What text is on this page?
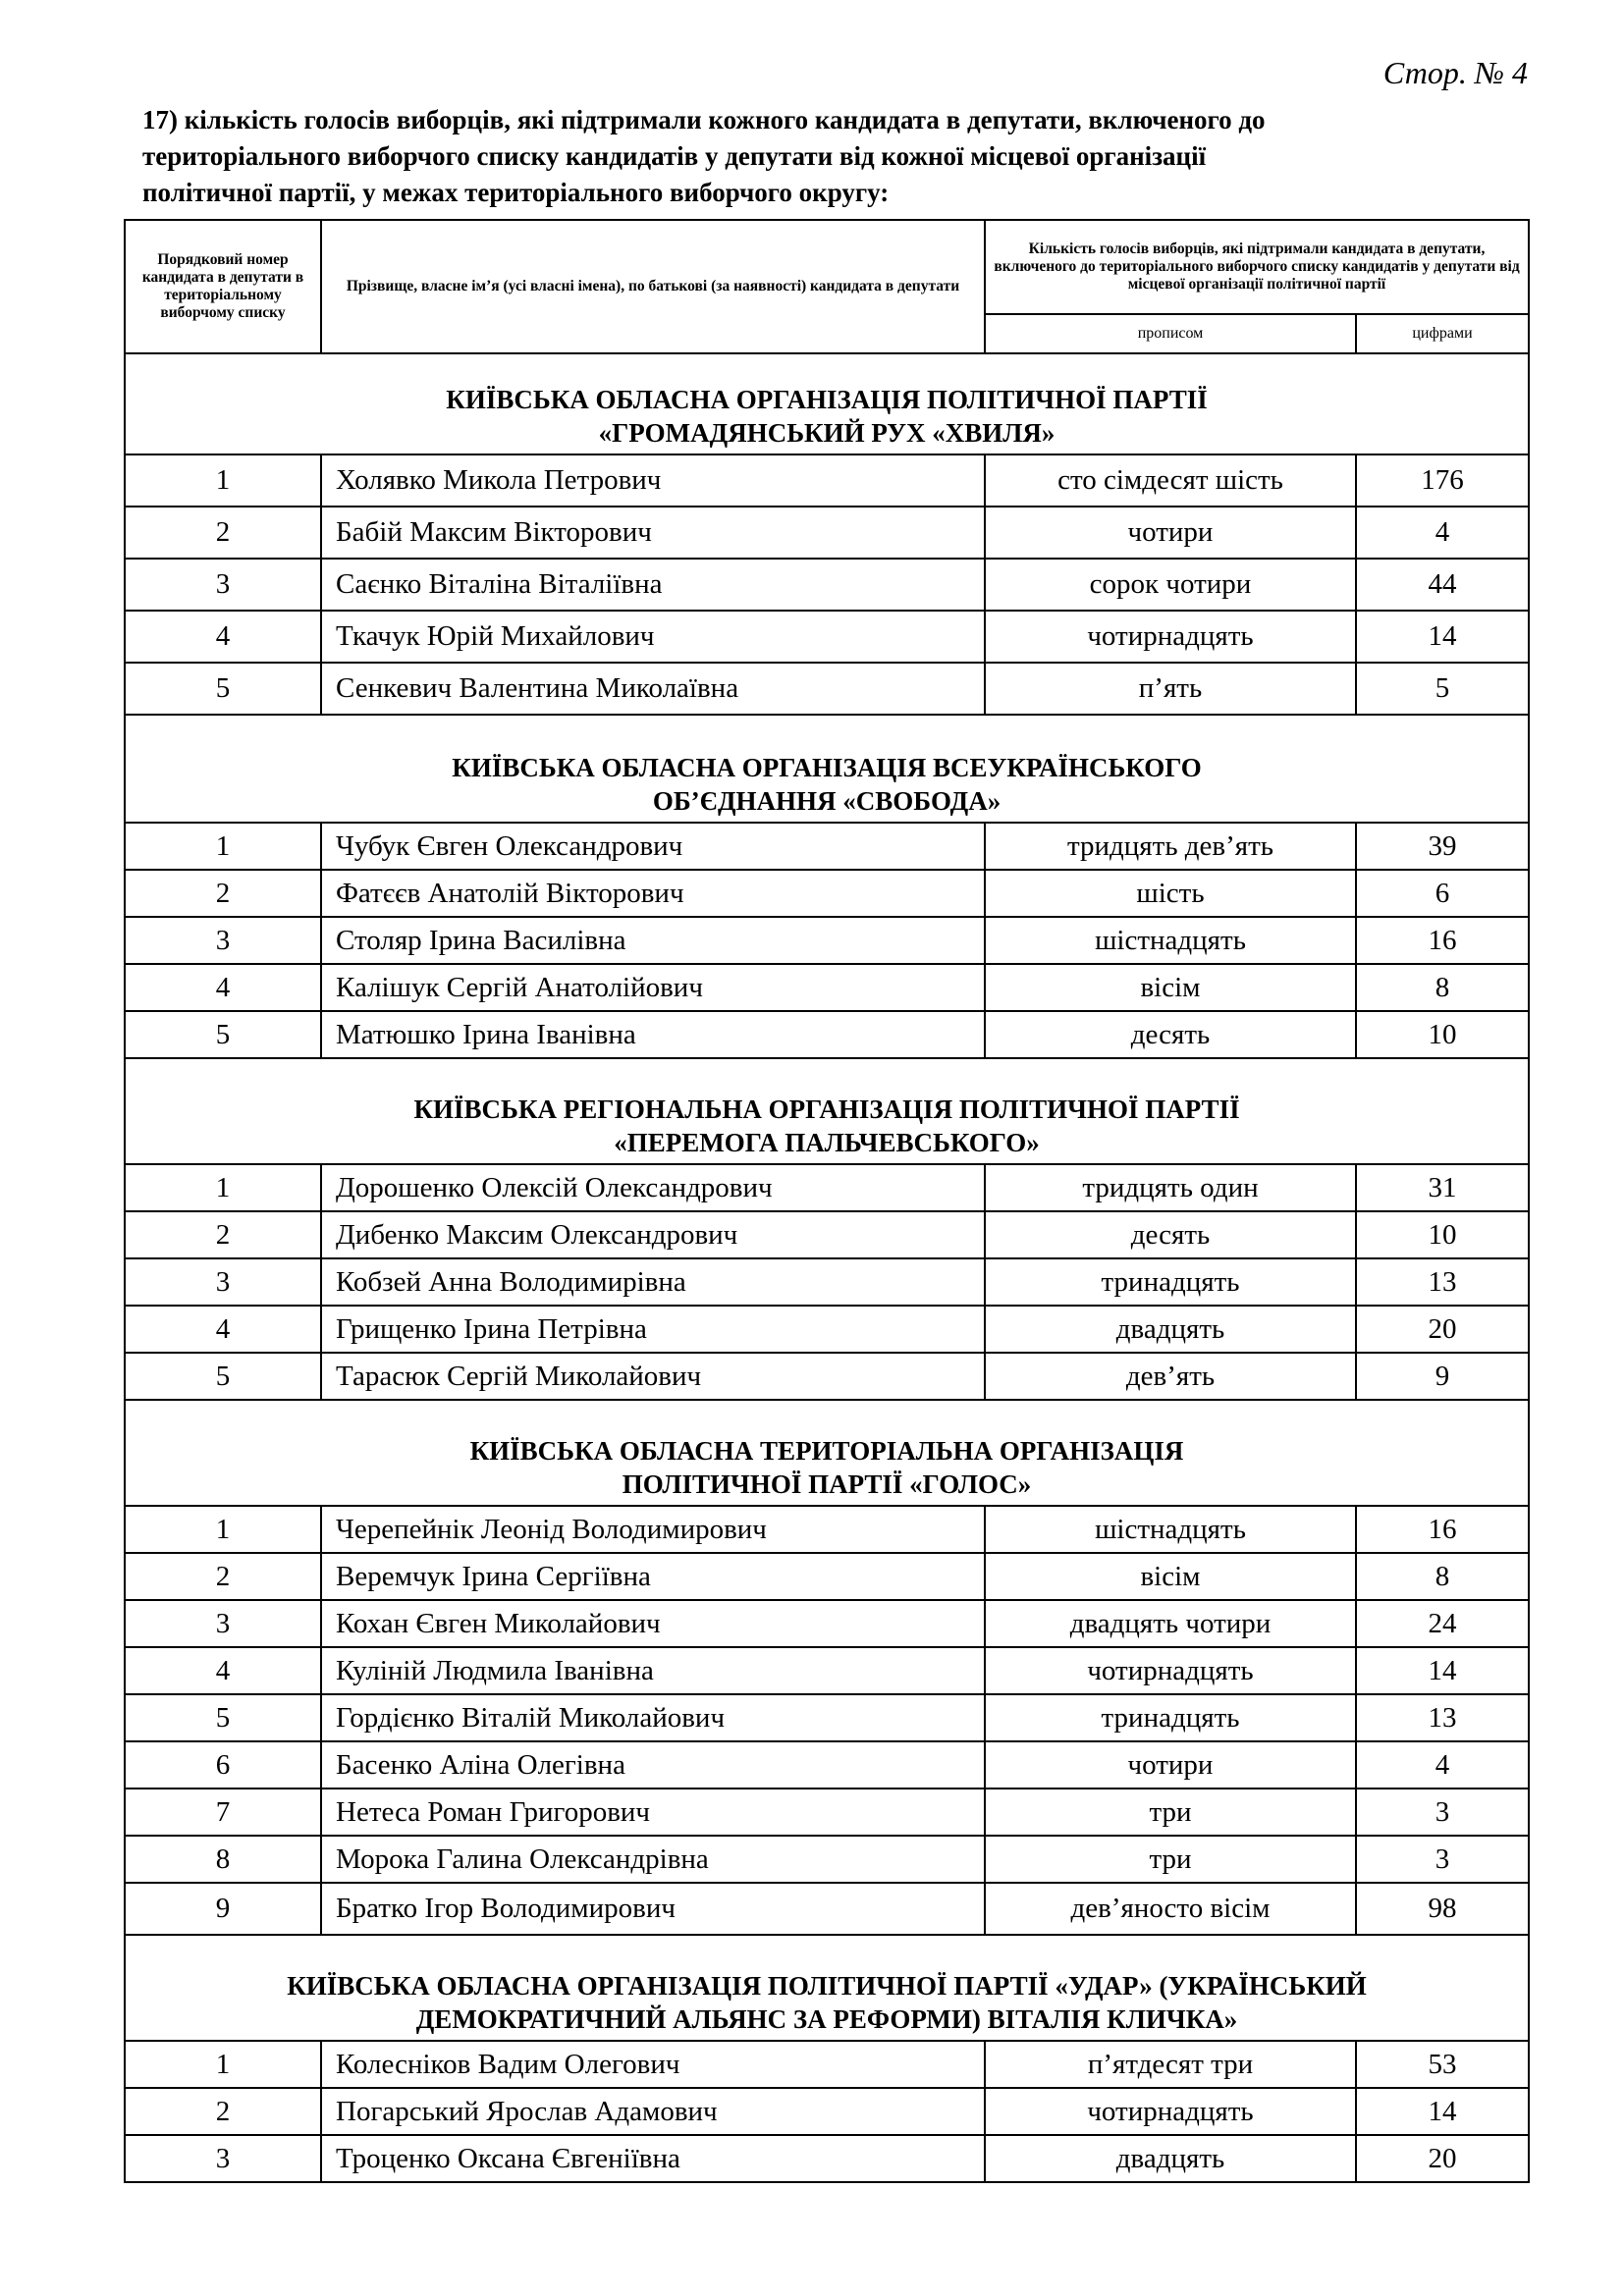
Стор. № 4
17) кількість голосів виборців, які підтримали кожного кандидата в депутати, включеного до
територіального виборчого списку кандидатів у депутати від кожної місцевої організації
політичної партії, у межах територіального виборчого округу:
Порядковий номер кандидата в депутати в територіальному виборчому списку	Прізвище, власне ім’я (усі власні імена), по батькові (за наявності) кандидата в депутати	Кількість голосів виборців, які підтримали кандидата в депутати, включеного до територіального виборчого списку кандидатів у депутати від місцевої організації політичної партії	
		прописом	цифрами

КИЇВСЬКА ОБЛАСНА ОРГАНІЗАЦІЯ ПОЛІТИЧНОЇ ПАРТІЇ
«ГРОМАДЯНСЬКИЙ РУХ «ХВИЛЯ»			

1	Холявко Микола Петрович	сто сімдесят шість	176
2	Бабій Максим Вікторович	чотири	4
3	Саєнко Віталіна Віталіївна	сорок чотири	44
4	Ткачук Юрій Михайлович	чотирнадцять	14
5	Сенкевич Валентина Миколаївна	п’ять	5

КИЇВСЬКА ОБЛАСНА ОРГАНІЗАЦІЯ ВСЕУКРАЇНСЬКОГО
ОБ’ЄДНАННЯ «СВОБОДА»			

1	Чубук Євген Олександрович	тридцять дев’ять	39
2	Фатєєв Анатолій Вікторович	шість	6
3	Столяр Ірина Василівна	шістнадцять	16
4	Калішук Сергій Анатолійович	вісім	8
5	Матюшко Ірина Іванівна	десять	10

КИЇВСЬКА РЕГІОНАЛЬНА ОРГАНІЗАЦІЯ ПОЛІТИЧНОЇ ПАРТІЇ
«ПЕРЕМОГА ПАЛЬЧЕВСЬКОГО»			

1	Дорошенко Олексій Олександрович	тридцять один	31
2	Дибенко Максим Олександрович	десять	10
3	Кобзей Анна Володимирівна	тринадцять	13
4	Грищенко Ірина Петрівна	двадцять	20
5	Тарасюк Сергій Миколайович	дев’ять	9

КИЇВСЬКА ОБЛАСНА ТЕРИТОРІАЛЬНА ОРГАНІЗАЦІЯ
ПОЛІТИЧНОЇ ПАРТІЇ «ГОЛОС»			

1	Черепейнік Леонід Володимирович	шістнадцять	16
2	Веремчук Ірина Сергіївна	вісім	8
3	Кохан Євген Миколайович	двадцять чотири	24
4	Куліній Людмила Іванівна	чотирнадцять	14
5	Гордієнко Віталій Миколайович	тринадцять	13
6	Басенко Аліна Олегівна	чотири	4
7	Нетеса Роман Григорович	три	3
8	Морока Галина Олександрівна	три	3
9	Братко Ігор Володимирович	дев’яносто вісім	98

КИЇВСЬКА ОБЛАСНА ОРГАНІЗАЦІЯ ПОЛІТИЧНОЇ ПАРТІЇ «УДАР» (УКРАЇНСЬКИЙ
ДЕМОКРАТИЧНИЙ АЛЬЯНС ЗА РЕФОРМИ) ВІТАЛІЯ КЛИЧКА»			

1	Колесніков Вадим Олегович	п’ятдесят три	53
2	Погарський Ярослав Адамович	чотирнадцять	14
3	Троценко Оксана Євгеніївна	двадцять	20
